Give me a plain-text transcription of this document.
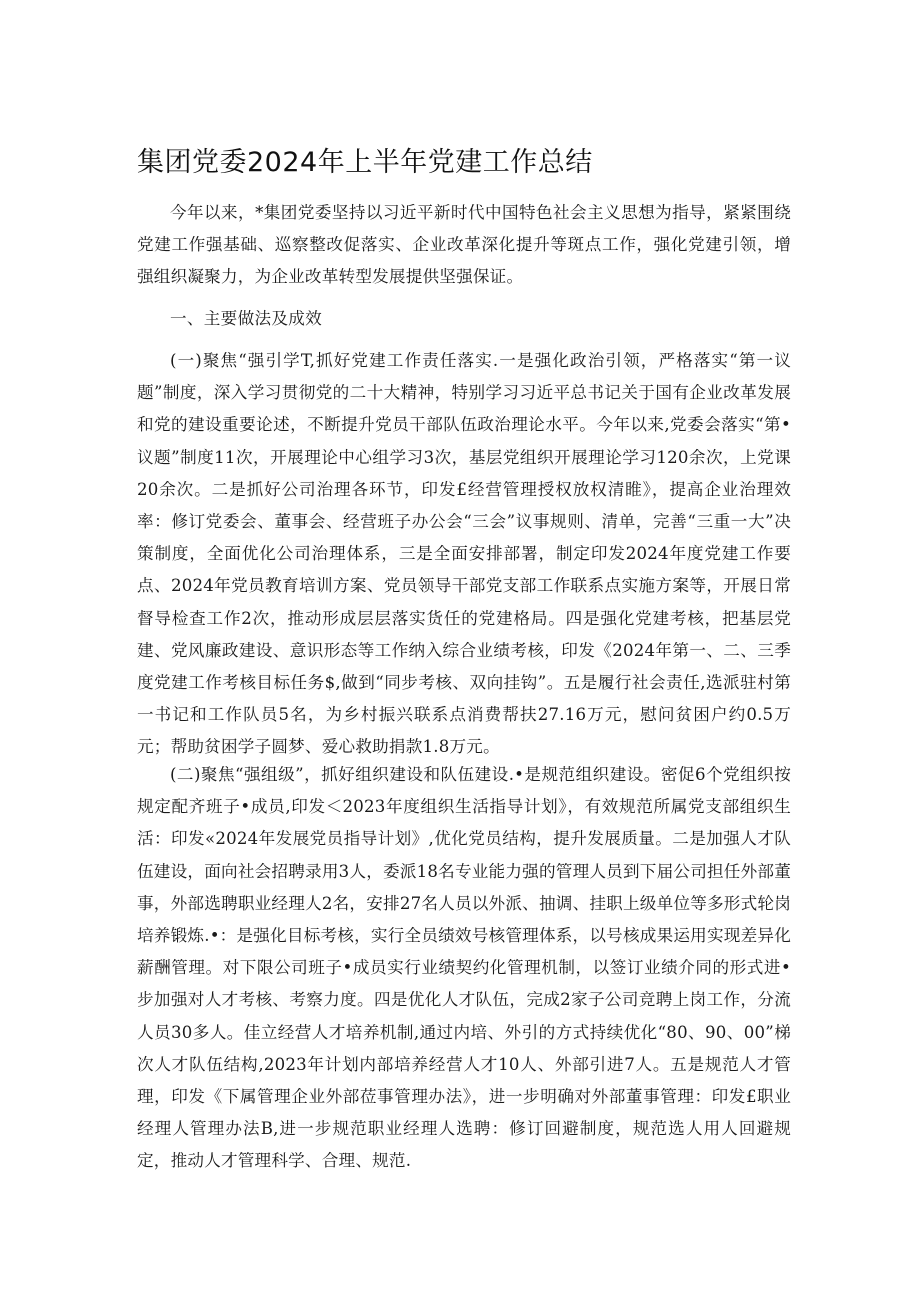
集团党委2024年上半年党建工作总结

今年以来，*集团党委坚持以习近平新时代中国特色社会主义思想为指导，紧紧围绕党建工作强基础、巡察整改促落实、企业改革深化提升等斑点工作，强化党建引领，增强组织凝聚力，为企业改革转型发展提供坚强保证。

一、主要做法及成效

(一)聚焦“强引学T,抓好党建工作责任落实.一是强化政治引领，严格落实“第一议题”制度，深入学习贯彻党的二十大精神，特别学习习近平总书记关于国有企业改革发展和党的建设重要论述，不断提升党员干部队伍政治理论水平。今年以来,党委会落实“第•议题”制度11次，开展理论中心组学习3次，基层党组织开展理论学习120余次，上党课20余次。二是抓好公司治理各环节，印发£经营管理授权放权清睢》，提高企业治理效率：修订党委会、董事会、经营班子办公会“三会”议事规则、清单，完善“三重一大”决策制度，全面优化公司治理体系，三是全面安排部署，制定印发2024年度党建工作要点、2024年党员教育培训方案、党员领导干部党支部工作联系点实施方案等，开展日常督导检查工作2次，推动形成层层落实货任的党建格局。四是强化党建考核，把基层党建、党风廉政建设、意识形态等工作纳入综合业绩考核，印发《2024年第一、二、三季度党建工作考核目标任务$,做到“同步考核、双向挂钩”。五是履行社会责任,选派驻村第一书记和工作队员5名，为乡村振兴联系点消费帮扶27.16万元，慰问贫困户约0.5万元；帮助贫困学子圆梦、爱心救助捐款1.8万元。

(二)聚焦“强组级”，抓好组织建设和队伍建设.•是规范组织建设。密促6个党组织按规定配齐班子•成员,印发＜2023年度组织生活指导计划》，有效规范所属党支部组织生活：印发«2024年发展党员指导计划》,优化党员结构，提升发展质量。二是加强人才队伍建设，面向社会招聘录用3人，委派18名专业能力强的管理人员到下届公司担任外部董事，外部选聘职业经理人2名，安排27名人员以外派、抽调、挂职上级单位等多形式轮岗培养锻炼.•：是强化目标考核，实行全员绩效号核管理体系，以号核成果运用实现差异化薪酬管理。对下限公司班子•成员实行业绩契约化管理机制，以签订业绩介同的形式进•步加强对人才考核、考察力度。四是优化人才队伍，完成2家子公司竞聘上岗工作，分流人员30多人。佳立经营人才培养机制,通过内培、外引的方式持续优化“80、90、00”梯次人才队伍结构,2023年计划内部培养经营人才10人、外部引进7人。五是规范人才管理，印发《下属管理企业外部莅事管理办法》，进一步明确对外部董事管理：印发£职业经理人管理办法B,进一步规范职业经理人选聘：修订回避制度，规范选人用人回避规定，推动人才管理科学、合理、规范.
